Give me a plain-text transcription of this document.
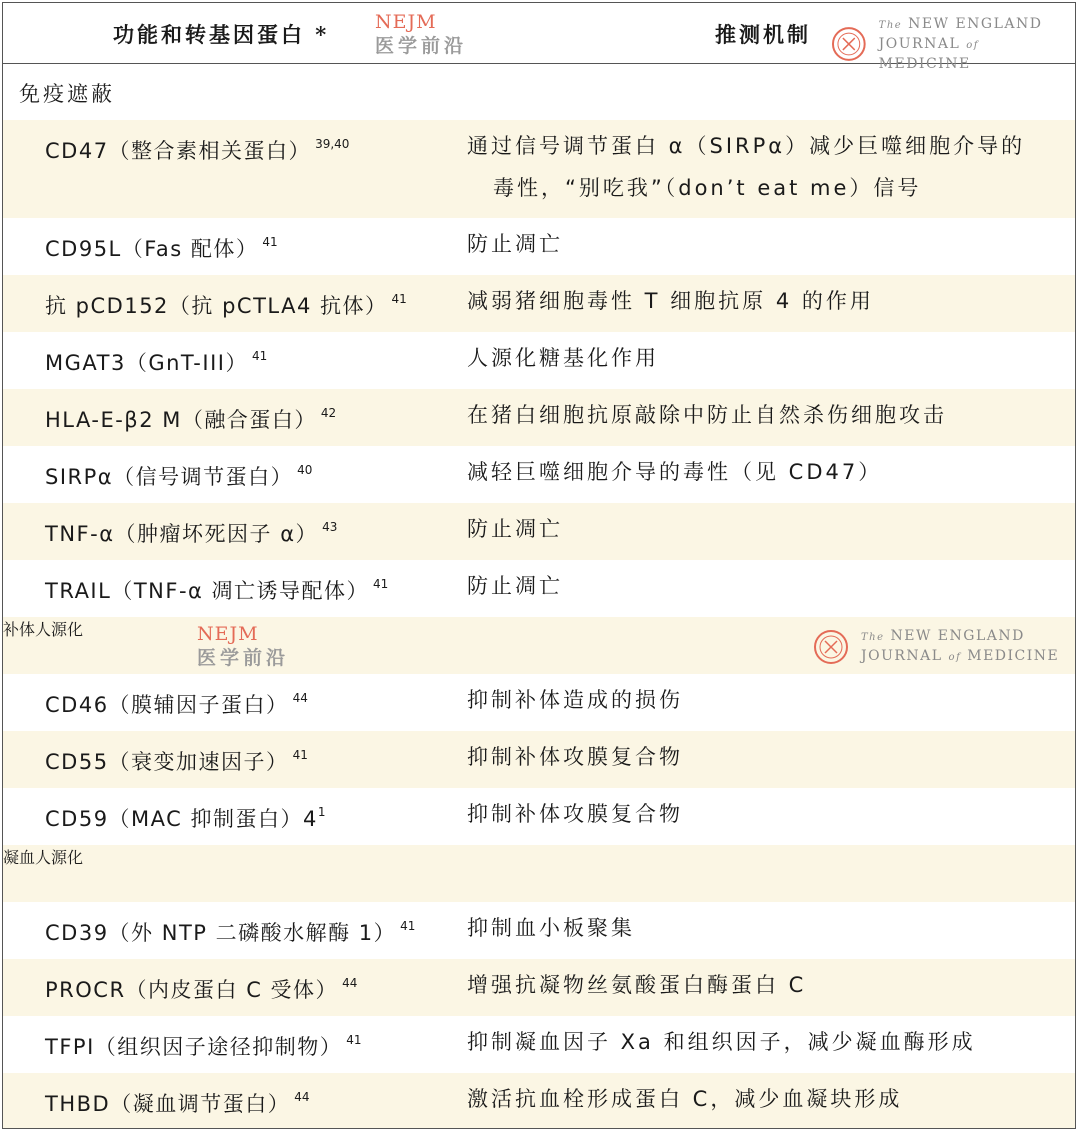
功能和转基因蛋白 * NEJM
医学前沿	推测机制	The NEW ENGLAND
JOURNAL of MEDICINE
免疫遮蔽
CD47（整合素相关蛋白） $^{39,40}$	通过信号调节蛋白 α（SIRPα）减少巨噬细胞介导的
毒性，“别吃我”（don’t eat me）信号
CD95L（Fas 配体） $^{41}$	防止凋亡
抗 pCD152（抗 pCTLA4 抗体） $^{41}$	减弱猪细胞毒性 T 细胞抗原 4 的作用
MGAT3（GnT-III） $^{41}$	人源化糖基化作用
HLA-E-β2 M（融合蛋白） $^{42}$	在猪白细胞抗原敲除中防止自然杀伤细胞攻击
SIRPα（信号调节蛋白） $^{40}$	减轻巨噬细胞介导的毒性（见 CD47）
TNF-α（肿瘤坏死因子 α） $^{43}$	防止凋亡
TRAIL（TNF-α 凋亡诱导配体） $^{41}$	防止凋亡
补体人源化	NEJM
医学前沿
The NEW ENGLAND
JOURNAL of MEDICINE
CD46（膜辅因子蛋白） $^{44}$	抑制补体造成的损伤
CD55（衰变加速因子） $^{41}$	抑制补体攻膜复合物
CD59（MAC 抑制蛋白）$4^1$	抑制补体攻膜复合物
凝血人源化
CD39（外 NTP 二磷酸水解酶 1） $^{41}$ 抑制血小板聚集
PROCR（内皮蛋白 C 受体） $^{44}$	增强抗凝物丝氨酸蛋白酶蛋白 C
TFPI（组织因子途径抑制物） $^{41}$	抑制凝血因子 Xa 和组织因子，减少凝血酶形成
THBD（凝血调节蛋白） $^{44}$	激活抗血栓形成蛋白 C，减少血凝块形成
